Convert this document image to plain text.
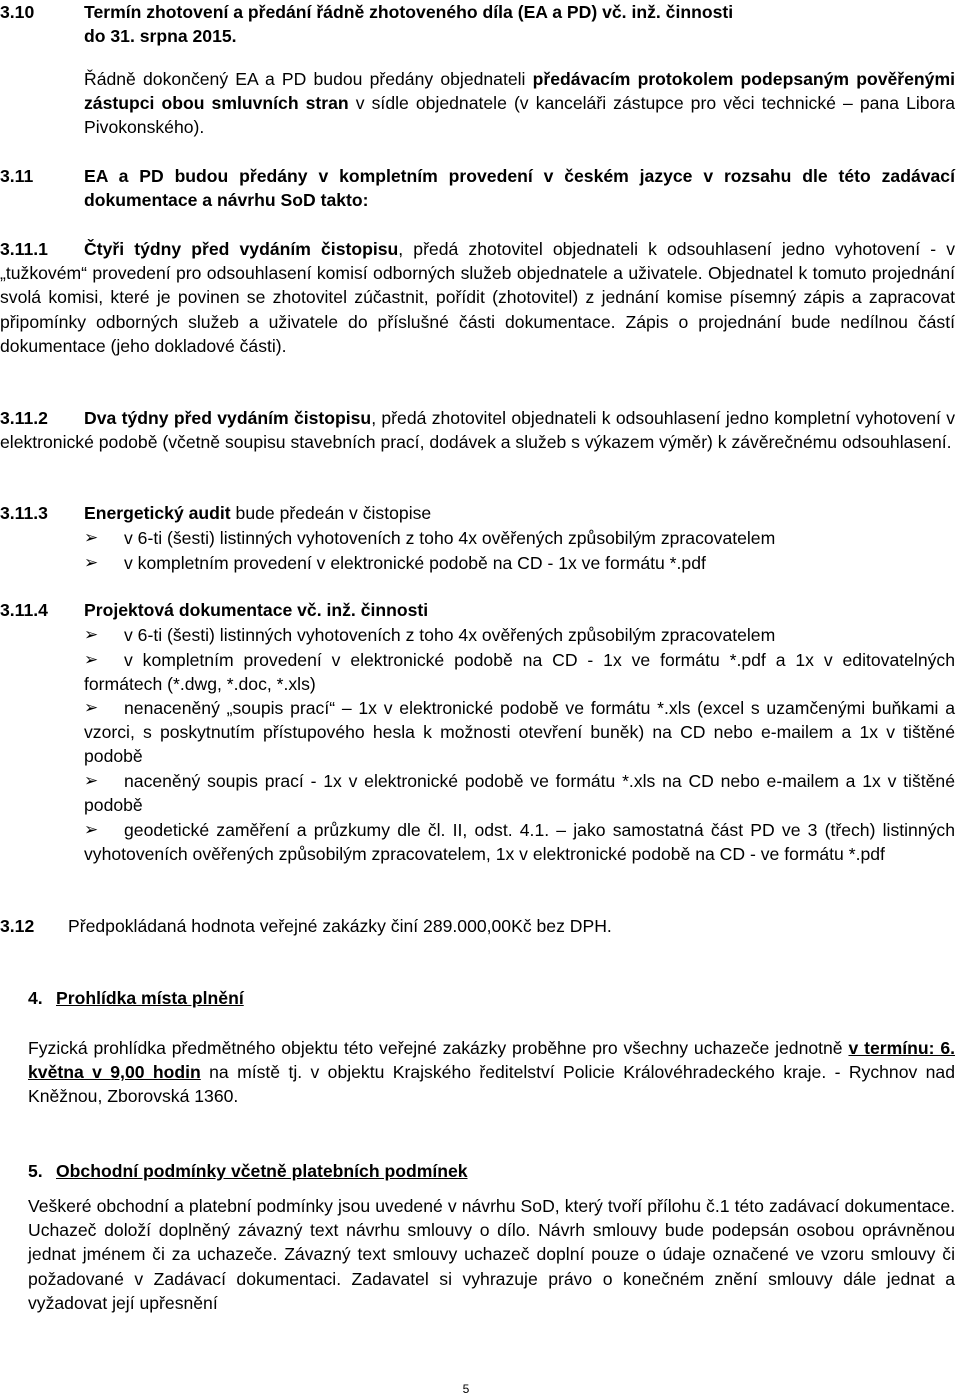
3.10	Termín zhotovení a předání řádně zhotoveného díla (EA a PD) vč. inž. činnosti
do 31. srpna 2015.
Řádně dokončený EA a PD budou předány objednateli předávacím protokolem podepsaným pověřenými zástupci obou smluvních stran v sídle objednatele (v kanceláři zástupce pro věci technické – pana Libora Pivokonského).
3.11	EA a PD budou předány v kompletním provedení v českém jazyce v rozsahu dle této zadávací dokumentace a návrhu SoD takto:
3.11.1 Čtyři týdny před vydáním čistopisu, předá zhotovitel objednateli k odsouhlasení jedno vyhotovení - v „tužkovém“ provedení pro odsouhlasení komisí odborných služeb objednatele a uživatele. Objednatel k tomuto projednání svolá komisi, které je povinen se zhotovitel zúčastnit, pořídit (zhotovitel) z jednání komise písemný zápis a zapracovat připomínky odborných služeb a uživatele do příslušné části dokumentace. Zápis o projednání bude nedílnou částí dokumentace (jeho dokladové části).
3.11.2 Dva týdny před vydáním čistopisu, předá zhotovitel objednateli k odsouhlasení jedno kompletní vyhotovení v elektronické podobě (včetně soupisu stavebních prací, dodávek a služeb s výkazem výměr) k závěrečnému odsouhlasení.
3.11.3 Energetický audit bude předeán v čistopise
➢	v 6-ti (šesti) listinných vyhotoveních z toho 4x ověřených způsobilým zpracovatelem
➢	v kompletním provedení v elektronické podobě na CD - 1x ve formátu *.pdf
3.11.4 Projektová dokumentace vč. inž. činnosti
➢	v 6-ti (šesti) listinných vyhotoveních z toho 4x ověřených způsobilým zpracovatelem
➢ v kompletním provedení v elektronické podobě na CD - 1x ve formátu *.pdf a 1x v editovatelných formátech (*.dwg, *.doc, *.xls)
➢ nenaceněný „soupis prací“ – 1x v elektronické podobě ve formátu *.xls (excel s uzamčenými buňkami a vzorci, s poskytnutím přístupového hesla k možnosti otevření buněk) na CD nebo e-mailem a 1x v tištěné podobě
➢ naceněný soupis prací - 1x v elektronické podobě ve formátu *.xls na CD nebo e-mailem a 1x v tištěné podobě
➢ geodetické zaměření a průzkumy dle čl. II, odst. 4.1. – jako samostatná část PD ve 3 (třech) listinných vyhotoveních ověřených způsobilým zpracovatelem, 1x v elektronické podobě na CD - ve formátu *.pdf
3.12 Předpokládaná hodnota veřejné zakázky činí 289.000,00Kč bez DPH.
4. Prohlídka místa plnění
Fyzická prohlídka předmětného objektu této veřejné zakázky proběhne pro všechny uchazeče jednotně v termínu: 6. května v 9,00 hodin na místě tj. v objektu Krajského ředitelství Policie Královéhradeckého kraje. - Rychnov nad Kněžnou, Zborovská 1360.
5. Obchodní podmínky včetně platebních podmínek
Veškeré obchodní a platební podmínky jsou uvedené v návrhu SoD, který tvoří přílohu č.1 této zadávací dokumentace. Uchazeč doloží doplněný závazný text návrhu smlouvy o dílo. Návrh smlouvy bude podepsán osobou oprávněnou jednat jménem či za uchazeče. Závazný text smlouvy uchazeč doplní pouze o údaje označené ve vzoru smlouvy či požadované v Zadávací dokumentaci. Zadavatel si vyhrazuje právo o konečném znění smlouvy dále jednat a vyžadovat její upřesnění
5
